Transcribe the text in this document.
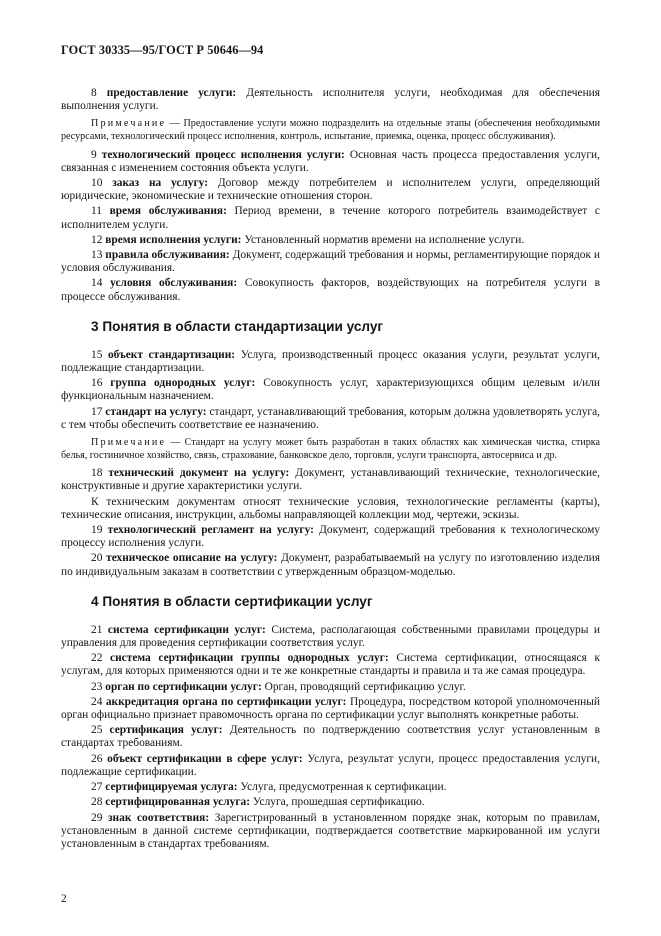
ГОСТ 30335—95/ГОСТ Р 50646—94

8 предоставление услуги: Деятельность исполнителя услуги, необходимая для обеспечения выполнения услуги.

Примечание — Предоставление услуги можно подразделить на отдельные этапы (обеспечения необходимыми ресурсами, технологический процесс исполнения, контроль, испытание, приемка, оценка, процесс обслуживания).

9 технологический процесс исполнения услуги: Основная часть процесса предоставления услуги, связанная с изменением состояния объекта услуги.

10 заказ на услугу: Договор между потребителем и исполнителем услуги, определяющий юридические, экономические и технические отношения сторон.

11 время обслуживания: Период времени, в течение которого потребитель взаимодействует с исполнителем услуги.

12 время исполнения услуги: Установленный норматив времени на исполнение услуги.

13 правила обслуживания: Документ, содержащий требования и нормы, регламентирующие порядок и условия обслуживания.

14 условия обслуживания: Совокупность факторов, воздействующих на потребителя услуги в процессе обслуживания.

3 Понятия в области стандартизации услуг

15 объект стандартизации: Услуга, производственный процесс оказания услуги, результат услуги, подлежащие стандартизации.

16 группа однородных услуг: Совокупность услуг, характеризующихся общим целевым и/или функциональным назначением.

17 стандарт на услугу: стандарт, устанавливающий требования, которым должна удовлетворять услуга, с тем чтобы обеспечить соответствие ее назначению.

Примечание — Стандарт на услугу может быть разработан в таких областях как химическая чистка, стирка белья, гостиничное хозяйство, связь, страхование, банковское дело, торговля, услуги транспорта, автосервиса и др.

18 технический документ на услугу: Документ, устанавливающий технические, технологические, конструктивные и другие характеристики услуги.

К техническим документам относят технические условия, технологические регламенты (карты), технические описания, инструкции, альбомы направляющей коллекции мод, чертежи, эскизы.

19 технологический регламент на услугу: Документ, содержащий требования к технологическому процессу исполнения услуги.

20 техническое описание на услугу: Документ, разрабатываемый на услугу по изготовлению изделия по индивидуальным заказам в соответствии с утвержденным образцом-моделью.

4 Понятия в области сертификации услуг

21 система сертификации услуг: Система, располагающая собственными правилами процедуры и управления для проведения сертификации соответствия услуг.

22 система сертификации группы однородных услуг: Система сертификации, относящаяся к услугам, для которых применяются одни и те же конкретные стандарты и правила и та же самая процедура.

23 орган по сертификации услуг: Орган, проводящий сертификацию услуг.

24 аккредитация органа по сертификации услуг: Процедура, посредством которой уполномоченный орган официально признает правомочность органа по сертификации услуг выполнять конкретные работы.

25 сертификация услуг: Деятельность по подтверждению соответствия услуг установленным в стандартах требованиям.

26 объект сертификации в сфере услуг: Услуга, результат услуги, процесс предоставления услуги, подлежащие сертификации.

27 сертифицируемая услуга: Услуга, предусмотренная к сертификации.

28 сертифицированная услуга: Услуга, прошедшая сертификацию.

29 знак соответствия: Зарегистрированный в установленном порядке знак, которым по правилам, установленным в данной системе сертификации, подтверждается соответствие маркированной им услуги установленным в стандартах требованиям.

2
